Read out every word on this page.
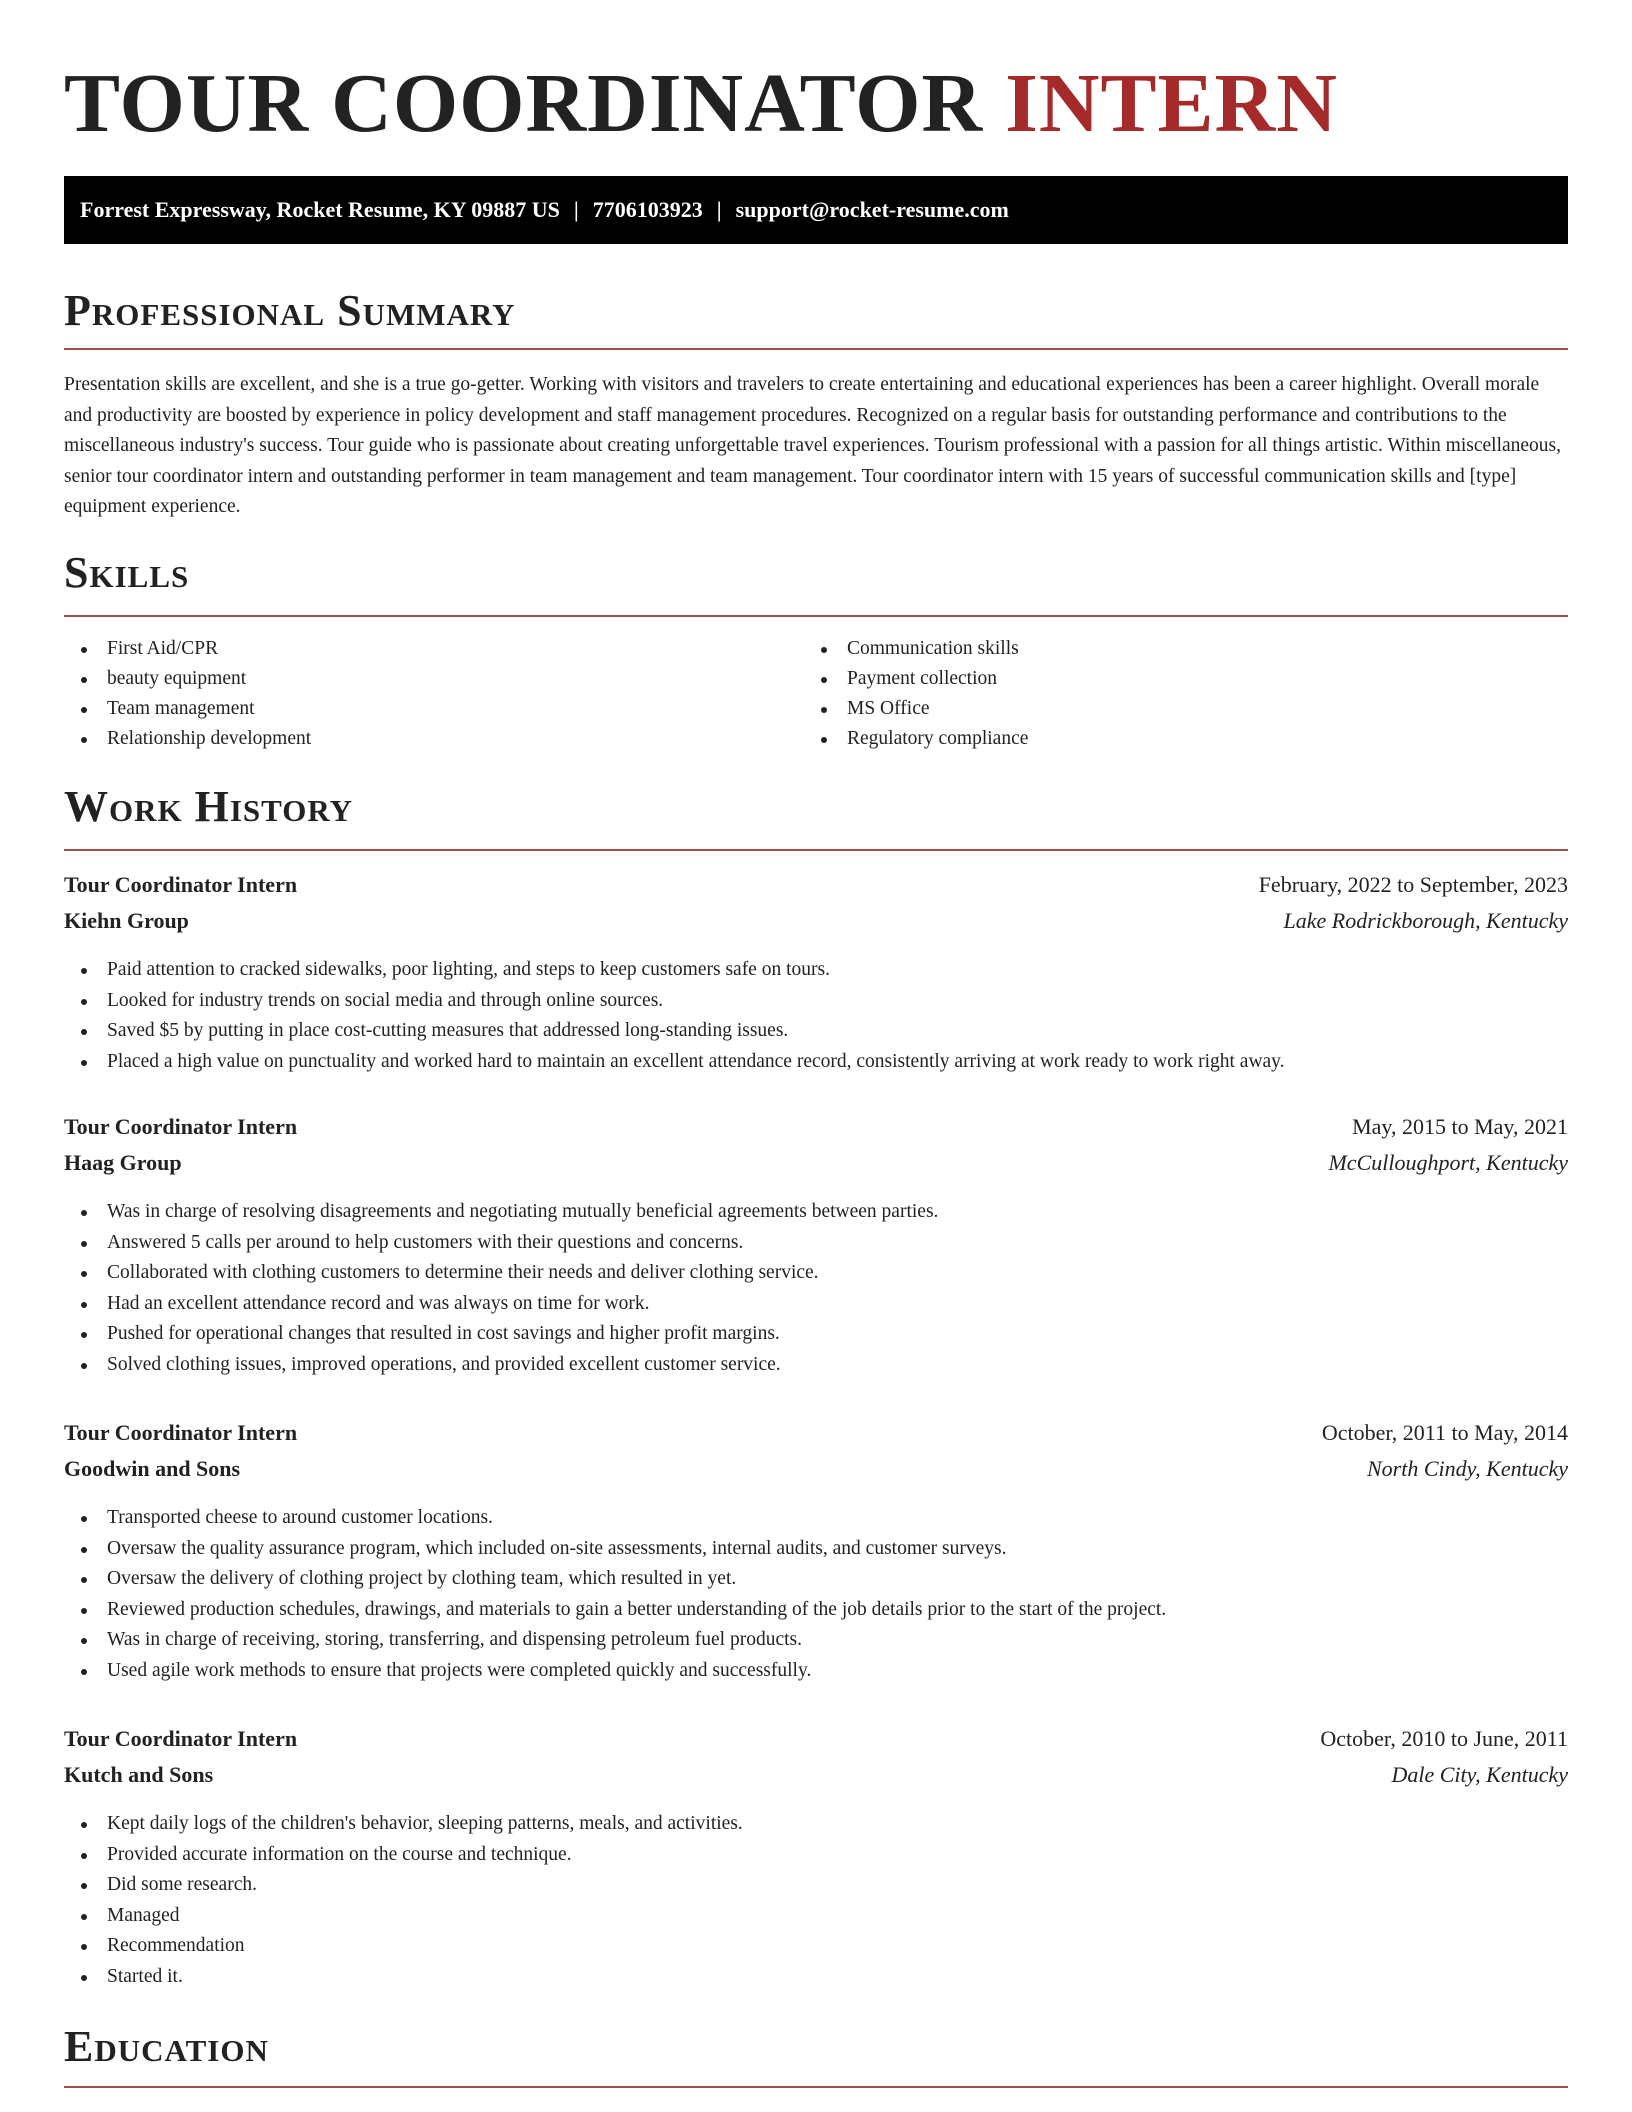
TOUR COORDINATOR INTERN
Forrest Expressway, Rocket Resume, KY 09887 US | 7706103923 | support@rocket-resume.com
Professional Summary

Presentation skills are excellent, and she is a true go-getter. Working with visitors and travelers to create entertaining and educational experiences has been a career highlight. Overall morale and productivity are boosted by experience in policy development and staff management procedures. Recognized on a regular basis for outstanding performance and contributions to the miscellaneous industry's success. Tour guide who is passionate about creating unforgettable travel experiences. Tourism professional with a passion for all things artistic. Within miscellaneous, senior tour coordinator intern and outstanding performer in team management and team management. Tour coordinator intern with 15 years of successful communication skills and [type] equipment experience.

Skills
First Aid/CPR
beauty equipment
Team management
Relationship development
Communication skills
Payment collection
MS Office
Regulatory compliance
Work History
Tour Coordinator Intern	February, 2022 to September, 2023
Kiehn Group	Lake Rodrickborough, Kentucky
Paid attention to cracked sidewalks, poor lighting, and steps to keep customers safe on tours.
Looked for industry trends on social media and through online sources.
Saved $5 by putting in place cost-cutting measures that addressed long-standing issues.
Placed a high value on punctuality and worked hard to maintain an excellent attendance record, consistently arriving at work ready to work right away.
Tour Coordinator Intern	May, 2015 to May, 2021
Haag Group	McCulloughport, Kentucky
Was in charge of resolving disagreements and negotiating mutually beneficial agreements between parties.
Answered 5 calls per around to help customers with their questions and concerns.
Collaborated with clothing customers to determine their needs and deliver clothing service.
Had an excellent attendance record and was always on time for work.
Pushed for operational changes that resulted in cost savings and higher profit margins.
Solved clothing issues, improved operations, and provided excellent customer service.
Tour Coordinator Intern	October, 2011 to May, 2014
Goodwin and Sons	North Cindy, Kentucky
Transported cheese to around customer locations.
Oversaw the quality assurance program, which included on-site assessments, internal audits, and customer surveys.
Oversaw the delivery of clothing project by clothing team, which resulted in yet.
Reviewed production schedules, drawings, and materials to gain a better understanding of the job details prior to the start of the project.
Was in charge of receiving, storing, transferring, and dispensing petroleum fuel products.
Used agile work methods to ensure that projects were completed quickly and successfully.
Tour Coordinator Intern	October, 2010 to June, 2011
Kutch and Sons	Dale City, Kentucky
Kept daily logs of the children's behavior, sleeping patterns, meals, and activities.
Provided accurate information on the course and technique.
Did some research.
Managed
Recommendation
Started it.
Education
